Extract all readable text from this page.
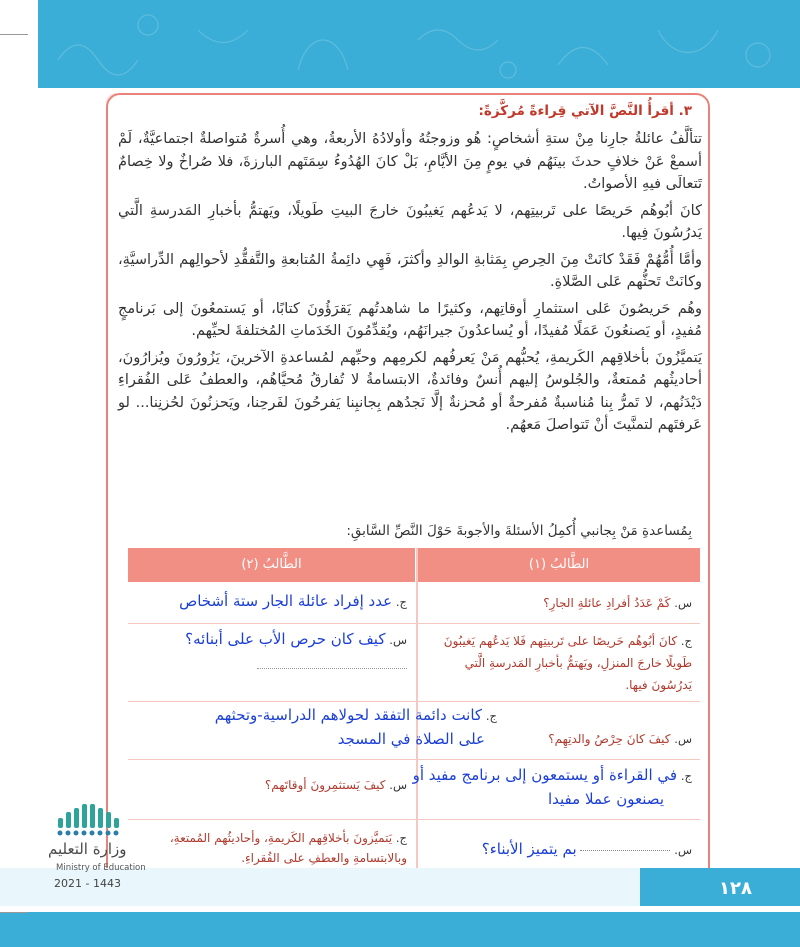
٣. أقرأُ النَّصَّ الآتي قِراءةً مُركَّزةً:

تتألَّفُ عائلةُ جارِنا مِنْ ستةِ أشخاصٍ: هُو وزوجتُهُ وأولادُهُ الأربعةُ، وهي أُسرةٌ مُتواصلةٌ اجتماعيَّةٌ، لَمْ أسمعْ عَنْ خلافٍ حدثَ بينَهُم في يومٍ مِنَ الأيَّامِ، بَلْ كانَ الهُدُوءُ سِمَتَهم البارزةَ، فلا صُراخٌ ولا خِصامٌ تَتعالَى فيهِ الأصواتُ.

كانَ أبُوهُم حَريصًا على تَربيتِهم، لا يَدعُهم يَغيبُونَ خارجَ البيتِ طَويلًا، ويَهتمُّ بأخبارِ المَدرسةِ الَّتي يَدرُسُونَ فِيها.

وأمَّا أُمُّهُمْ فَقَدْ كانَتْ مِنَ الحِرصِ بِمَثابةِ الوالدِ وأكثرَ، فَهِي دائِمةُ المُتابعةِ والتَّفقُّدِ لأحوالِهم الدِّراسيَّةِ، وكانَتْ تَحثُّهم عَلى الصَّلاةِ.

وهُم حَريصُونَ عَلى استثمارِ أوقاتِهم، وكثيرًا ما شاهدتُهم يَقرَؤُونَ كتابًا، أو يَستمعُونَ إلى بَرنامجٍ مُفيدٍ، أو يَصنعُونَ عَمَلًا مُفيدًا، أو يُساعدُونَ جيرانَهُم، ويُقدِّمُونَ الخَدَماتِ المُختلفةَ لحيِّهم.

يَتميَّزُونَ بأخلاقِهم الكَريمةِ، يُحبُّهم مَنْ يَعرفُهم لكرمِهم وحبِّهم لمُساعدةِ الآخرينَ، يَزُورُونَ ويُزارُونَ، أحاديثُهم مُمتعةٌ، والجُلوسُ إليهم أُنسٌ وفائدةٌ، الابتسامةُ لا تُفارقُ مُحيَّاهُم، والعطفُ عَلى الفُقراءِ دَيْدَنُهم، لا تَمرُّ بِنا مُناسبةٌ مُفرحةٌ أو مُحزنةٌ إلَّا نَجدُهم بِجانبِنا يَفرحُونَ لفَرحِنا، ويَحزنُونَ لحُزنِنا... لو عَرفتَهم لتمنَّيتَ أنْ تَتواصلَ مَعهُم.

بِمُساعدةِ مَنْ بِجانبي أُكمِلُ الأسئلةَ والأجوبةَ حَوْلَ النَّصِّ السَّابقِ:
الطَّالبُ (١)
الطَّالبُ (٢)
س. كَمْ عَدَدُ أفرادِ عائلةِ الجارِ؟
ج. عدد إفراد عائلة الجار ستة أشخاص
ج. كانَ أبُوهُم حَريصًا على تَربيتِهم فَلا يَدعُهم يَغيبُونَ طَويلًا خارجَ المنزلِ، ويَهتمُّ بأخبارِ المَدرسةِ الَّتي يَدرُسُونَ فيها.
س. كيف كان حرص الأب على أبنائه؟
س. كيفَ كانَ حِرْصُ والدتِهِم؟
ج. كانت دائمة التفقد لحولاهم الدراسية-وتحثهم
على الصلاة في المسجد
ج. في القراءة أو يستمعون إلى برنامج مفيد أو
يصنعون عملا مفيدا
س. كيفَ يَستثمِرونَ أوقاتَهم؟
س.  بم يتميز الأبناء؟
ج. يَتميَّزونَ بأخلاقِهم الكَريمةِ، وأحاديثُهم المُمتعةِ، وبالابتسامةِ والعطفِ على الفُقراءِ.
١٢٨
وزارة التعليم
Ministry of Education
2021 - 1443
